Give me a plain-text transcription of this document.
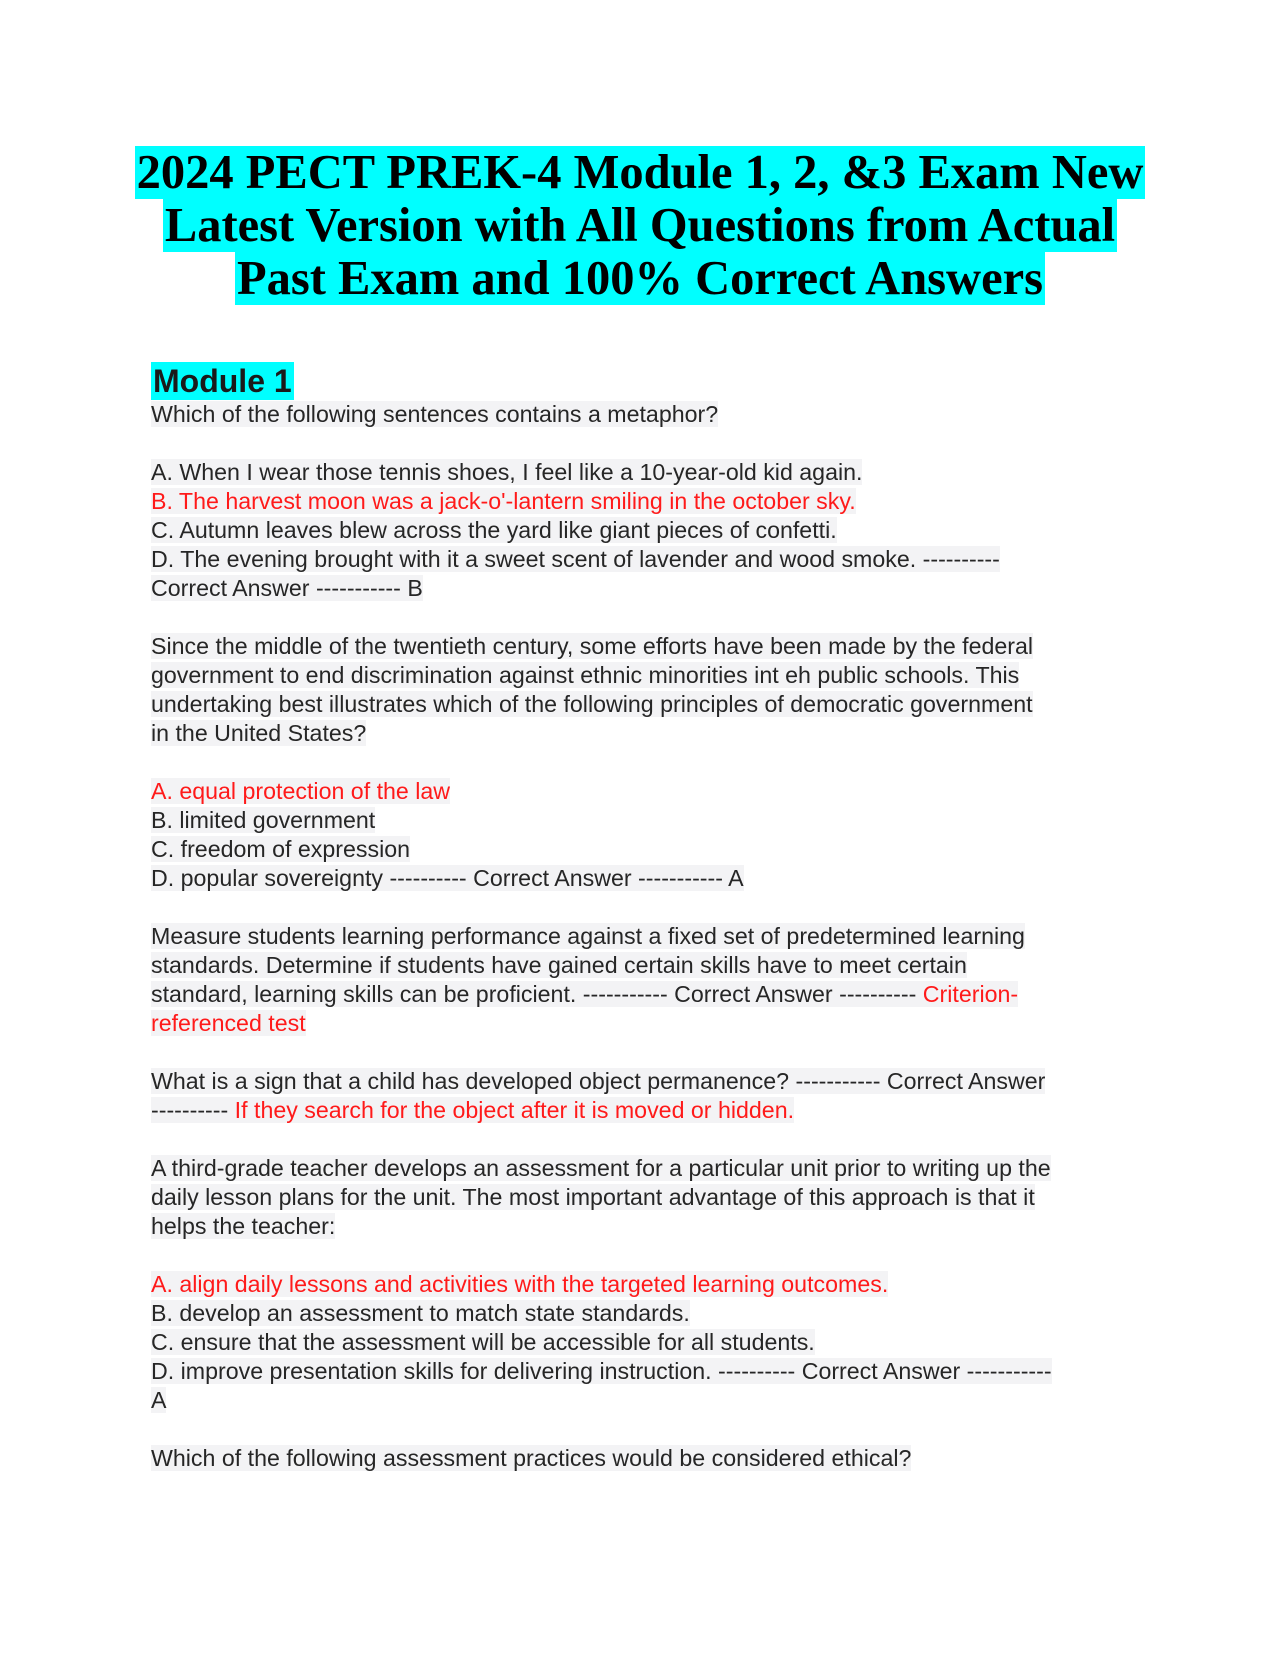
2024 PECT PREK-4 Module 1, 2, &3 Exam New
Latest Version with All Questions from Actual
Past Exam and 100% Correct Answers
Module 1

Which of the following sentences contains a metaphor?

A. When I wear those tennis shoes, I feel like a 10-year-old kid again.
B. The harvest moon was a jack-o'-lantern smiling in the october sky.
C. Autumn leaves blew across the yard like giant pieces of confetti.
D. The evening brought with it a sweet scent of lavender and wood smoke. ----------
Correct Answer ----------- B

Since the middle of the twentieth century, some efforts have been made by the federal
government to end discrimination against ethnic minorities int eh public schools. This
undertaking best illustrates which of the following principles of democratic government
in the United States?

A. equal protection of the law
B. limited government
C. freedom of expression
D. popular sovereignty ---------- Correct Answer ----------- A

Measure students learning performance against a fixed set of predetermined learning
standards. Determine if students have gained certain skills have to meet certain
standard, learning skills can be proficient. ----------- Correct Answer ---------- Criterion-
referenced test

What is a sign that a child has developed object permanence? ----------- Correct Answer
---------- If they search for the object after it is moved or hidden.

A third-grade teacher develops an assessment for a particular unit prior to writing up the
daily lesson plans for the unit. The most important advantage of this approach is that it
helps the teacher:

A. align daily lessons and activities with the targeted learning outcomes.
B. develop an assessment to match state standards.
C. ensure that the assessment will be accessible for all students.
D. improve presentation skills for delivering instruction. ---------- Correct Answer -----------
A

Which of the following assessment practices would be considered ethical?
